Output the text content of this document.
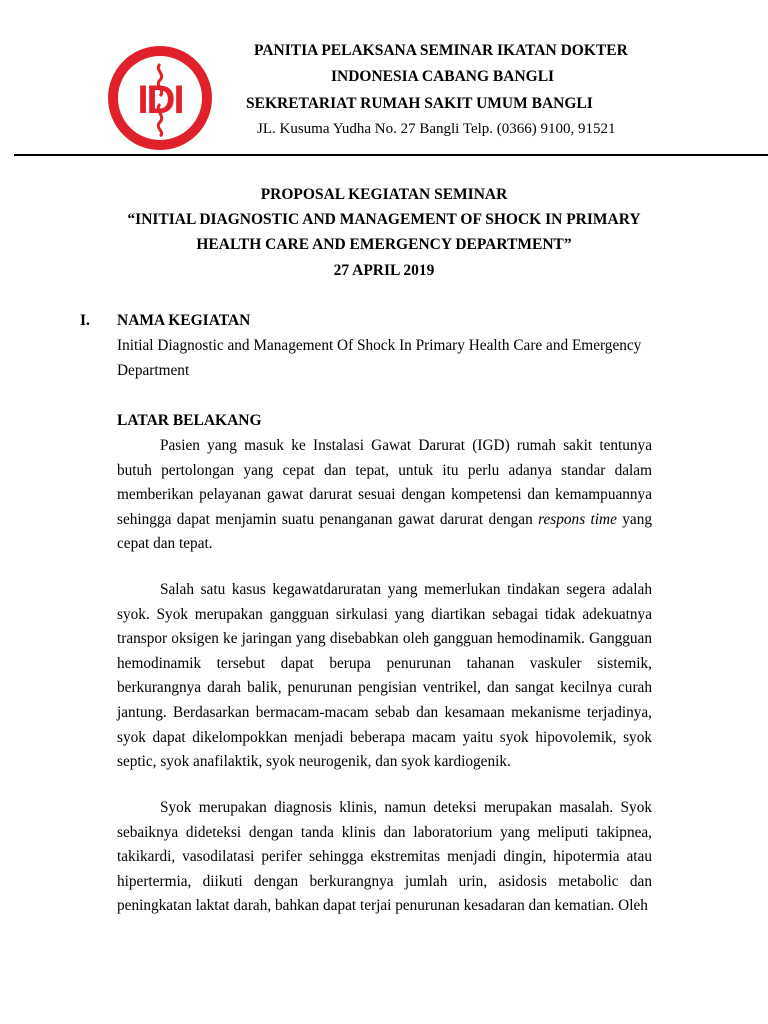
IDI
PANITIA PELAKSANA SEMINAR IKATAN DOKTER
INDONESIA CABANG BANGLI
SEKRETARIAT RUMAH SAKIT UMUM BANGLI
JL. Kusuma Yudha No. 27 Bangli Telp. (0366) 9100, 91521
PROPOSAL KEGIATAN SEMINAR
“INITIAL DIAGNOSTIC AND MANAGEMENT OF SHOCK IN PRIMARY
HEALTH CARE AND EMERGENCY DEPARTMENT”
27 APRIL 2019
I. NAMA KEGIATAN

Initial Diagnostic and Management Of Shock In Primary Health Care and Emergency Department

LATAR BELAKANG

Pasien yang masuk ke Instalasi Gawat Darurat (IGD) rumah sakit tentunya butuh pertolongan yang cepat dan tepat, untuk itu perlu adanya standar dalam memberikan pelayanan gawat darurat sesuai dengan kompetensi dan kemampuannya sehingga dapat menjamin suatu penanganan gawat darurat dengan respons time yang cepat dan tepat.

Salah satu kasus kegawatdaruratan yang memerlukan tindakan segera adalah syok. Syok merupakan gangguan sirkulasi yang diartikan sebagai tidak adekuatnya transpor oksigen ke jaringan yang disebabkan oleh gangguan hemodinamik. Gangguan hemodinamik tersebut dapat berupa penurunan tahanan vaskuler sistemik, berkurangnya darah balik, penurunan pengisian ventrikel, dan sangat kecilnya curah jantung. Berdasarkan bermacam-macam sebab dan kesamaan mekanisme terjadinya, syok dapat dikelompokkan menjadi beberapa macam yaitu syok hipovolemik, syok septic, syok anafilaktik, syok neurogenik, dan syok kardiogenik.

Syok merupakan diagnosis klinis, namun deteksi merupakan masalah. Syok sebaiknya dideteksi dengan tanda klinis dan laboratorium yang meliputi takipnea, takikardi, vasodilatasi perifer sehingga ekstremitas menjadi dingin, hipotermia atau hipertermia, diikuti dengan berkurangnya jumlah urin, asidosis metabolic dan peningkatan laktat darah, bahkan dapat terjai penurunan kesadaran dan kematian. Oleh
